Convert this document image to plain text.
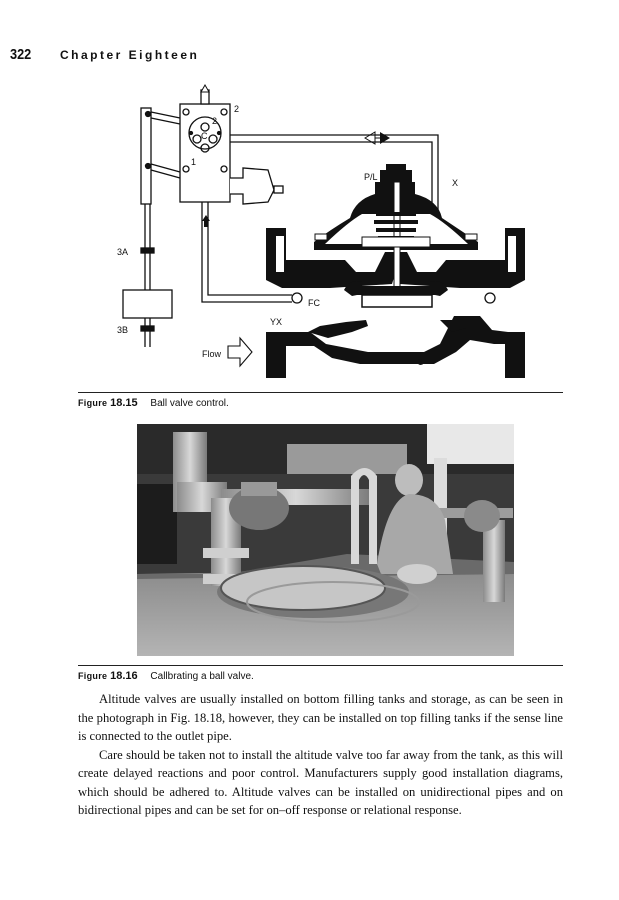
322 Chapter Eighteen
2
2
C
1
P/L
X
FC
YX
3A
3B
Flow
1
Figure 18.15 Ball valve control.
Figure 18.16 Callbrating a ball valve.

Altitude valves are usually installed on bottom filling tanks and storage, as can be seen in the photograph in Fig. 18.18, however, they can be installed on top filling tanks if the sense line is connected to the outlet pipe.

Care should be taken not to install the altitude valve too far away from the tank, as this will create delayed reactions and poor control. Manufacturers supply good installation diagrams, which should be adhered to. Altitude valves can be installed on unidirectional pipes and on bidirectional pipes and can be set for on–off response or relational response.
